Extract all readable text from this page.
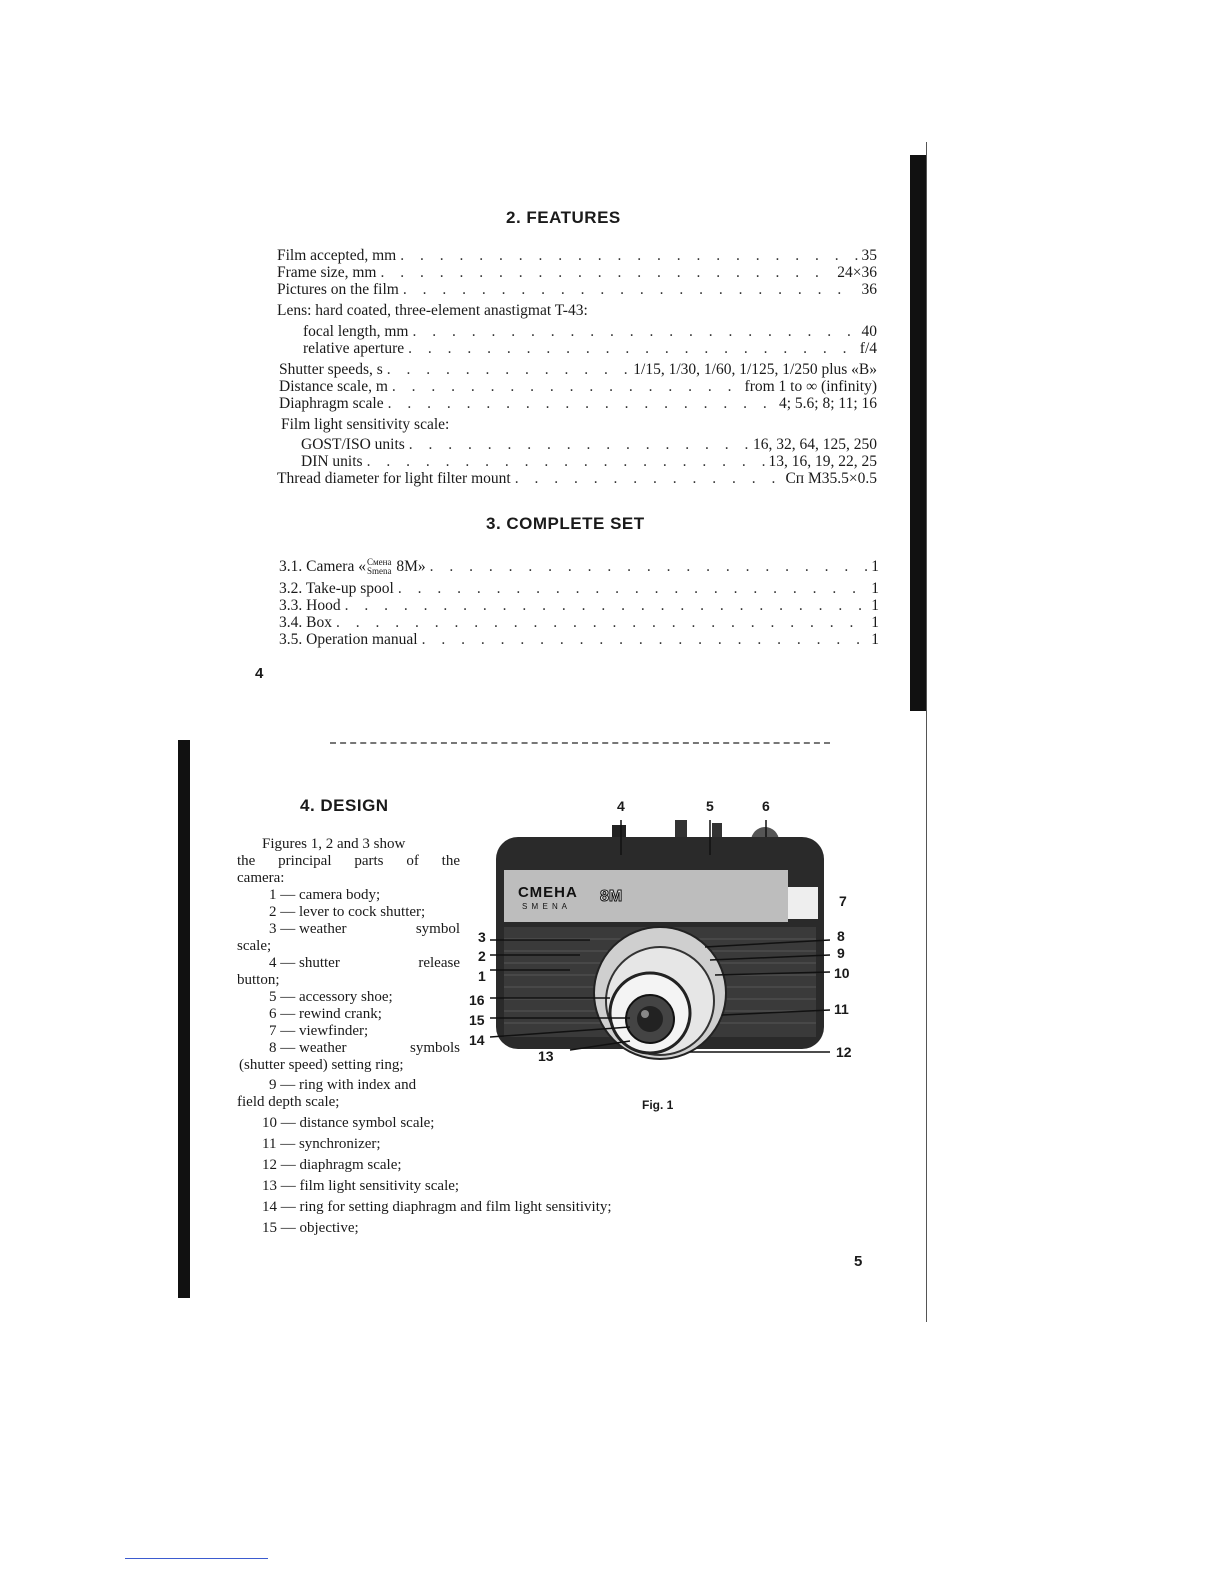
2. FEATURES
Film accepted, mm . . .	35
Frame size, mm . . .	24×36
Pictures on the film . . .	36
Lens: hard coated, three-element anastigmat T-43:
focal length, mm . . .	40
relative aperture . . .	f/4
Shutter speeds, s . . .	1/15, 1/30, 1/60, 1/125, 1/250 plus «B»
Distance scale, m . . .	from 1 to ∞ (infinity)
Diaphragm scale . . .	4; 5.6; 8; 11; 16
Film light sensitivity scale:
GOST/ISO units . . .	16, 32, 64, 125, 250
DIN units . . .	13, 16, 19, 22, 25
Thread diameter for light filter mount . . .	Сп M35.5×0.5
3. COMPLETE SET
3.1. Camera «Смена
Smena 8M» . . .	1
3.2. Take-up spool . . .	1
3.3. Hood . . .	1
3.4. Box . . .	1
3.5. Operation manual . . .	1
4
4. DESIGN
Figures 1, 2 and 3 show
the principal parts of the
camera:
1 — camera body;
2 — lever to cock shutter;
3 — weather	symbol
scale;
4 — shutter	release
button;
5 — accessory shoe;
6 — rewind crank;
7 — viewfinder;
8 — weather	symbols
(shutter speed) setting ring;
9 — ring with index and
field depth scale;
10 — distance symbol scale;
11 — synchronizer;
12 — diaphragm scale;
13 — film light sensitivity scale;
14 — ring for setting diaphragm and film light sensitivity;
15 — objective;
СМЕНА
S M E N A
8M
4	5	6
7
3
2
1
8
9
10
16
11
15
14
13	12
Fig. 1
5
